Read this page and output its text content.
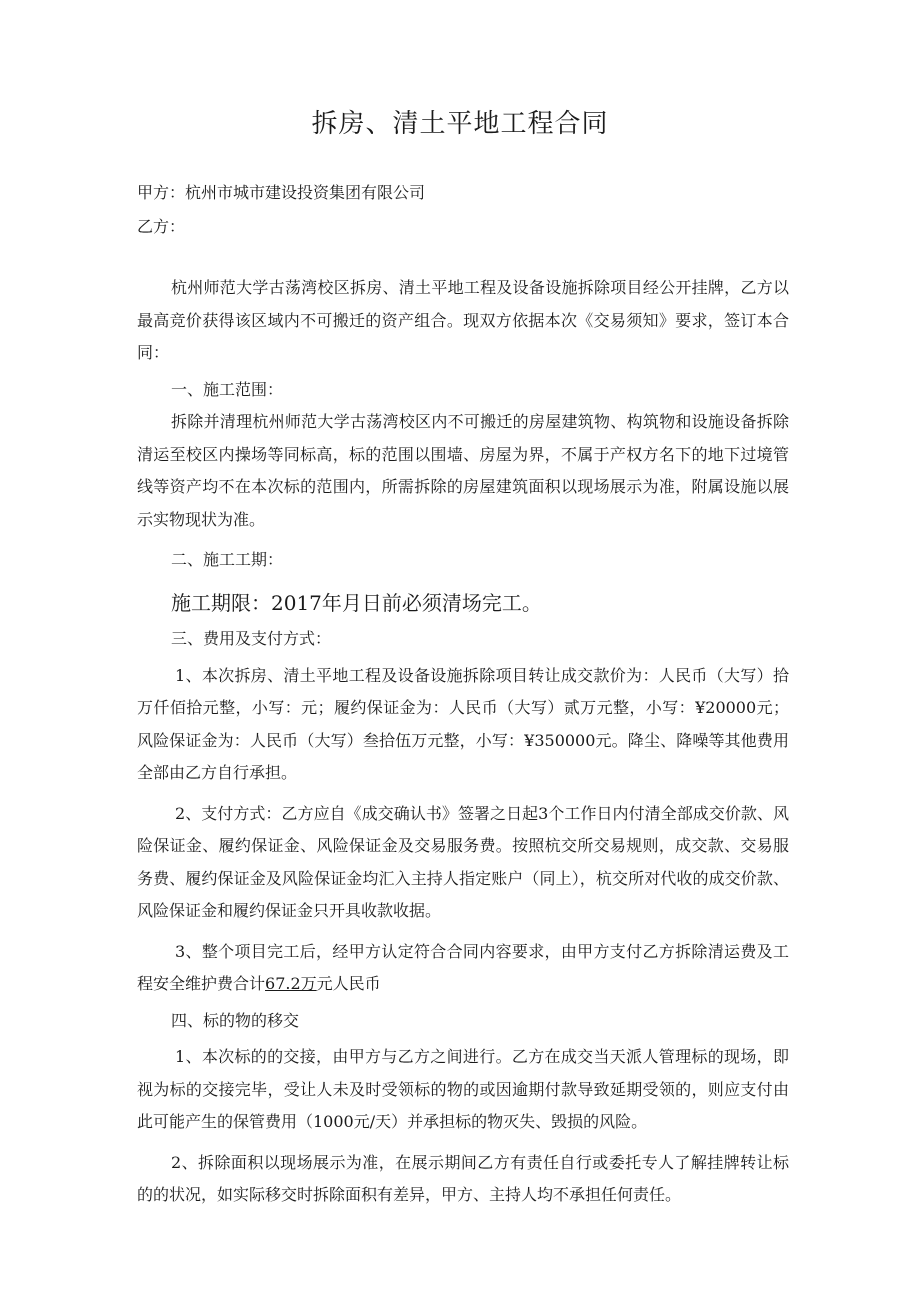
拆房、清土平地工程合同

甲方：杭州市城市建设投资集团有限公司

乙方：

杭州师范大学古荡湾校区拆房、清土平地工程及设备设施拆除项目经公开挂牌，乙方以最高竞价获得该区域内不可搬迁的资产组合。现双方依据本次《交易须知》要求，签订本合同：

一、施工范围：

拆除并清理杭州师范大学古荡湾校区内不可搬迁的房屋建筑物、构筑物和设施设备拆除清运至校区内操场等同标高，标的范围以围墙、房屋为界，不属于产权方名下的地下过境管线等资产均不在本次标的范围内，所需拆除的房屋建筑面积以现场展示为准，附属设施以展示实物现状为准。

二、施工工期：

施工期限：2017年月日前必须清场完工。

三、费用及支付方式：

1、本次拆房、清土平地工程及设备设施拆除项目转让成交款价为：人民币（大写）拾万仟佰拾元整，小写：元；履约保证金为：人民币（大写）贰万元整，小写：¥20000元；风险保证金为：人民币（大写）叁拾伍万元整，小写：¥350000元。降尘、降噪等其他费用全部由乙方自行承担。

2、支付方式：乙方应自《成交确认书》签署之日起3个工作日内付清全部成交价款、风险保证金、履约保证金、风险保证金及交易服务费。按照杭交所交易规则，成交款、交易服务费、履约保证金及风险保证金均汇入主持人指定账户（同上），杭交所对代收的成交价款、风险保证金和履约保证金只开具收款收据。

3、整个项目完工后，经甲方认定符合合同内容要求，由甲方支付乙方拆除清运费及工程安全维护费合计67.2万元人民币

四、标的物的移交

1、本次标的的交接，由甲方与乙方之间进行。乙方在成交当天派人管理标的现场，即视为标的交接完毕，受让人未及时受领标的物的或因逾期付款导致延期受领的，则应支付由此可能产生的保管费用（1000元/天）并承担标的物灭失、毁损的风险。

2、拆除面积以现场展示为准，在展示期间乙方有责任自行或委托专人了解挂牌转让标的的状况，如实际移交时拆除面积有差异，甲方、主持人均不承担任何责任。
